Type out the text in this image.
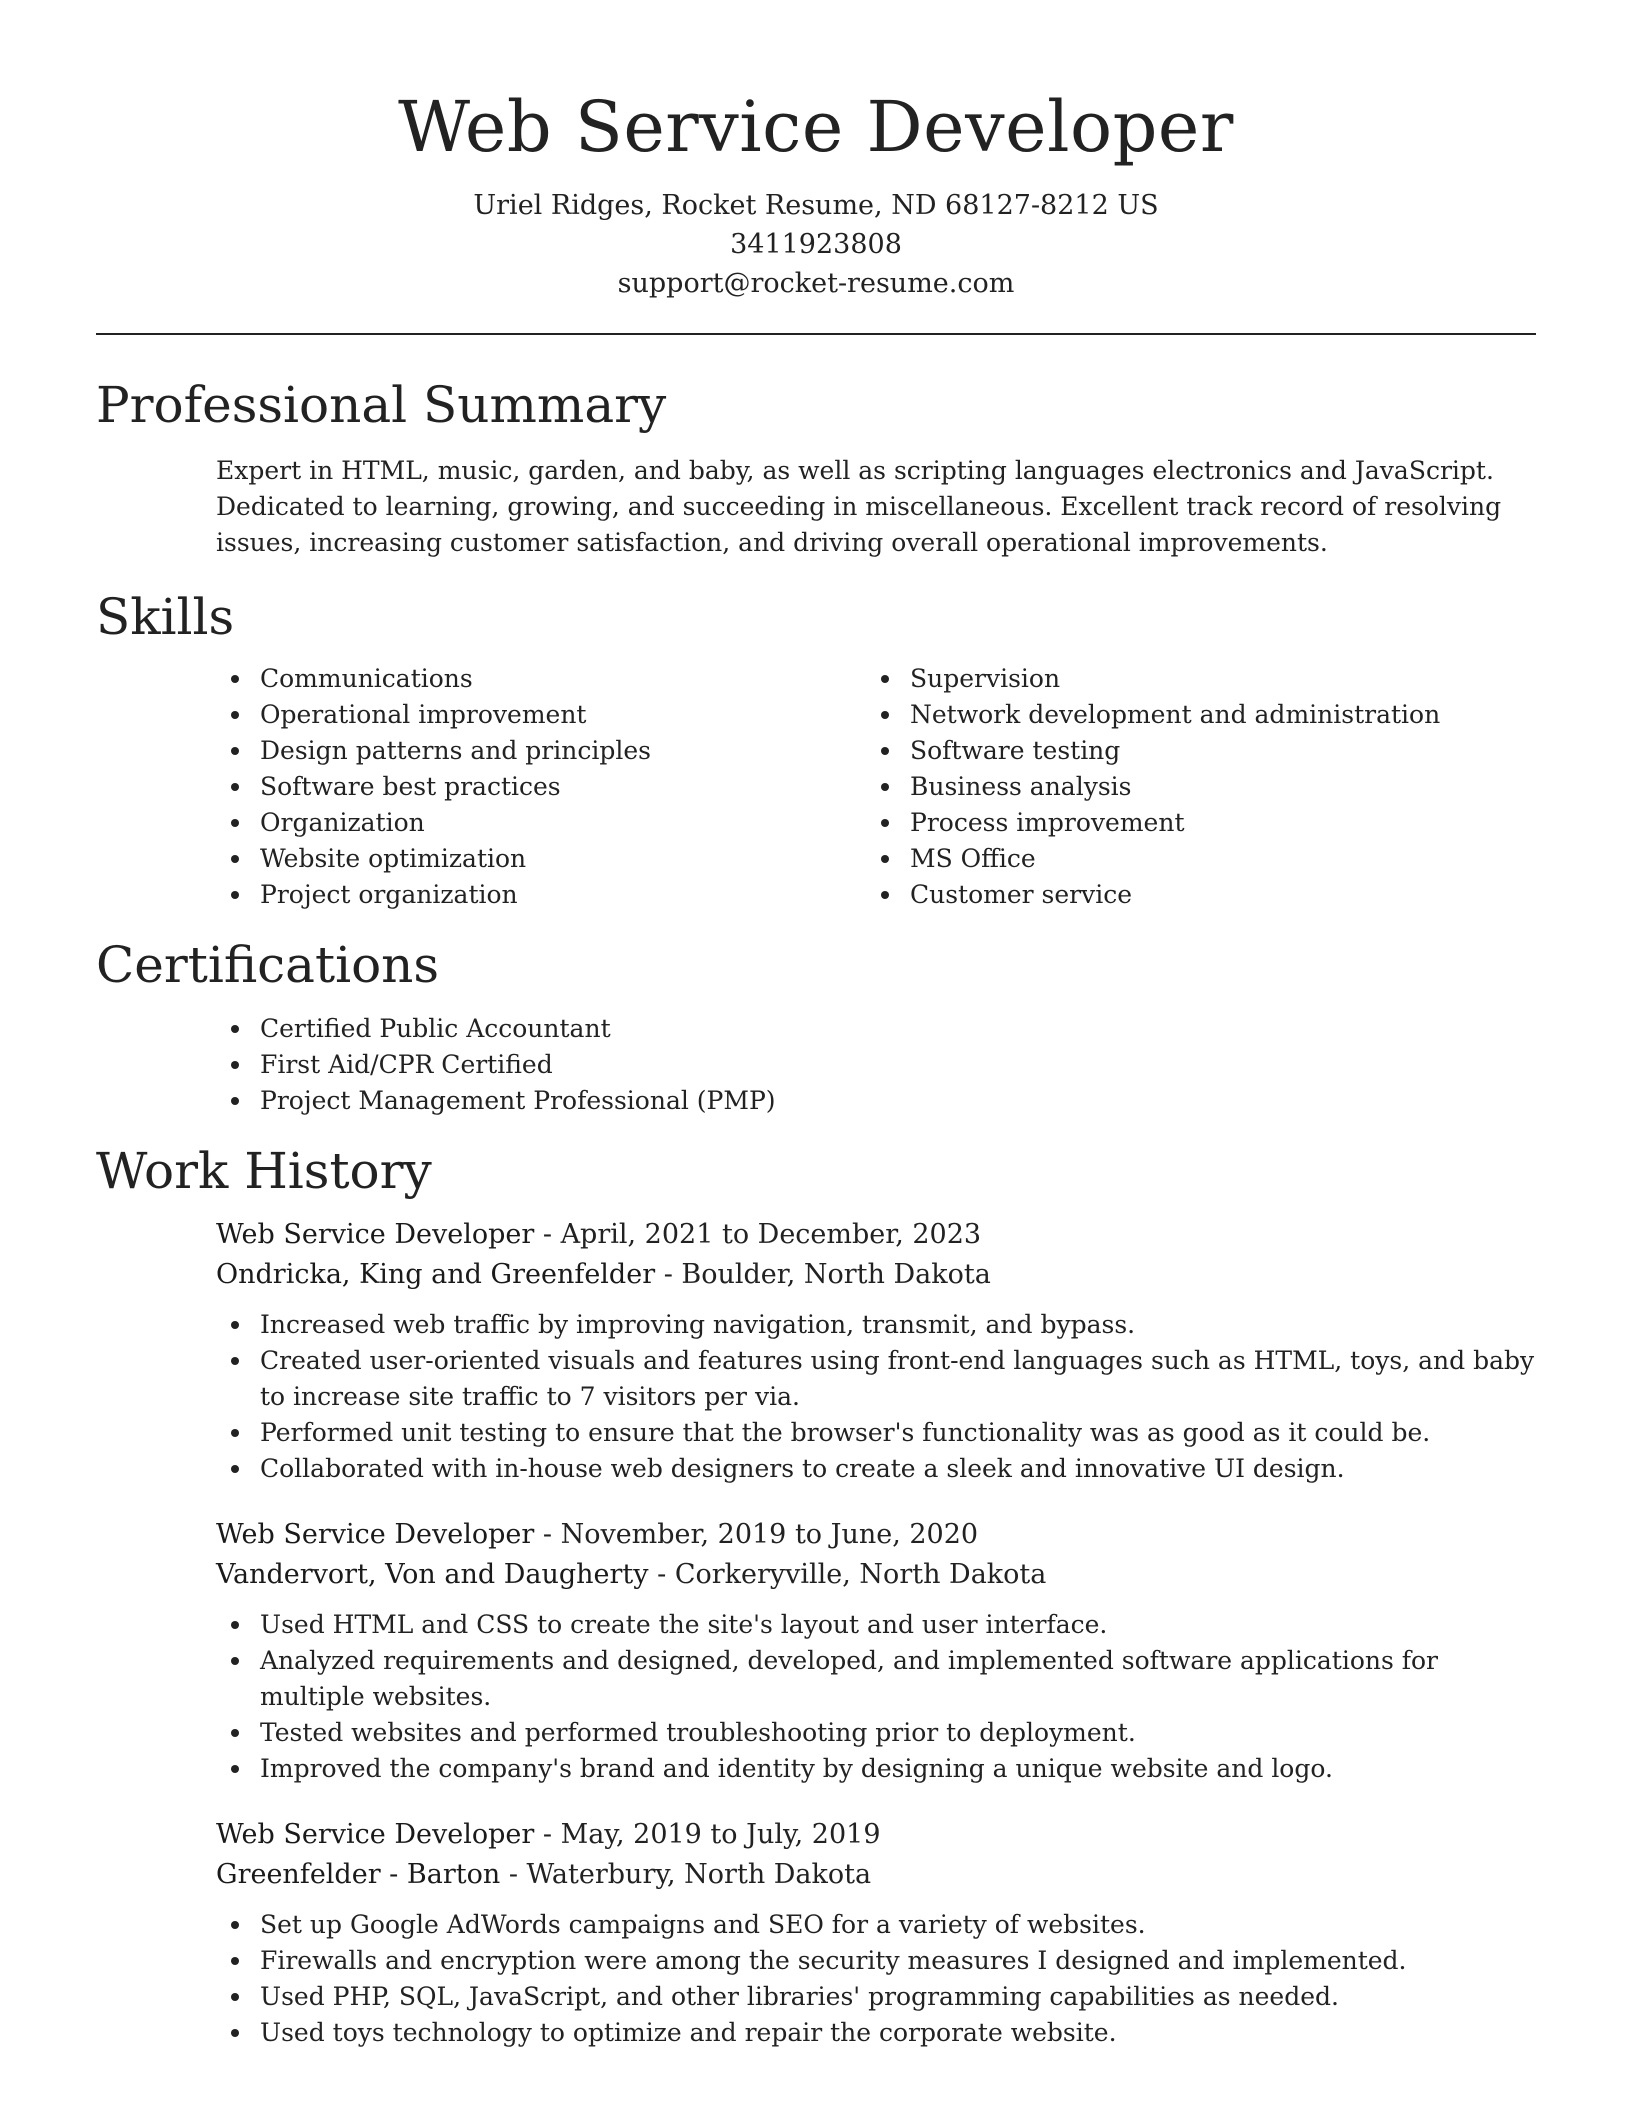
Web Service Developer
Uriel Ridges, Rocket Resume, ND 68127-8212 US
3411923808
support@rocket-resume.com
Professional Summary

Expert in HTML, music, garden, and baby, as well as scripting languages electronics and JavaScript. Dedicated to learning, growing, and succeeding in miscellaneous. Excellent track record of resolving issues, increasing customer satisfaction, and driving overall operational improvements.

Skills
Communications
Operational improvement
Design patterns and principles
Software best practices
Organization
Website optimization
Project organization
Supervision
Network development and administration
Software testing
Business analysis
Process improvement
MS Office
Customer service
Certifications
Certified Public Accountant
First Aid/CPR Certified
Project Management Professional (PMP)
Work History
Web Service Developer - April, 2021 to December, 2023
Ondricka, King and Greenfelder - Boulder, North Dakota
Increased web traffic by improving navigation, transmit, and bypass.
Created user-oriented visuals and features using front-end languages such as HTML, toys, and baby to increase site traffic to 7 visitors per via.
Performed unit testing to ensure that the browser's functionality was as good as it could be.
Collaborated with in-house web designers to create a sleek and innovative UI design.
Web Service Developer - November, 2019 to June, 2020
Vandervort, Von and Daugherty - Corkeryville, North Dakota
Used HTML and CSS to create the site's layout and user interface.
Analyzed requirements and designed, developed, and implemented software applications for multiple websites.
Tested websites and performed troubleshooting prior to deployment.
Improved the company's brand and identity by designing a unique website and logo.
Web Service Developer - May, 2019 to July, 2019
Greenfelder - Barton - Waterbury, North Dakota
Set up Google AdWords campaigns and SEO for a variety of websites.
Firewalls and encryption were among the security measures I designed and implemented.
Used PHP, SQL, JavaScript, and other libraries' programming capabilities as needed.
Used toys technology to optimize and repair the corporate website.
